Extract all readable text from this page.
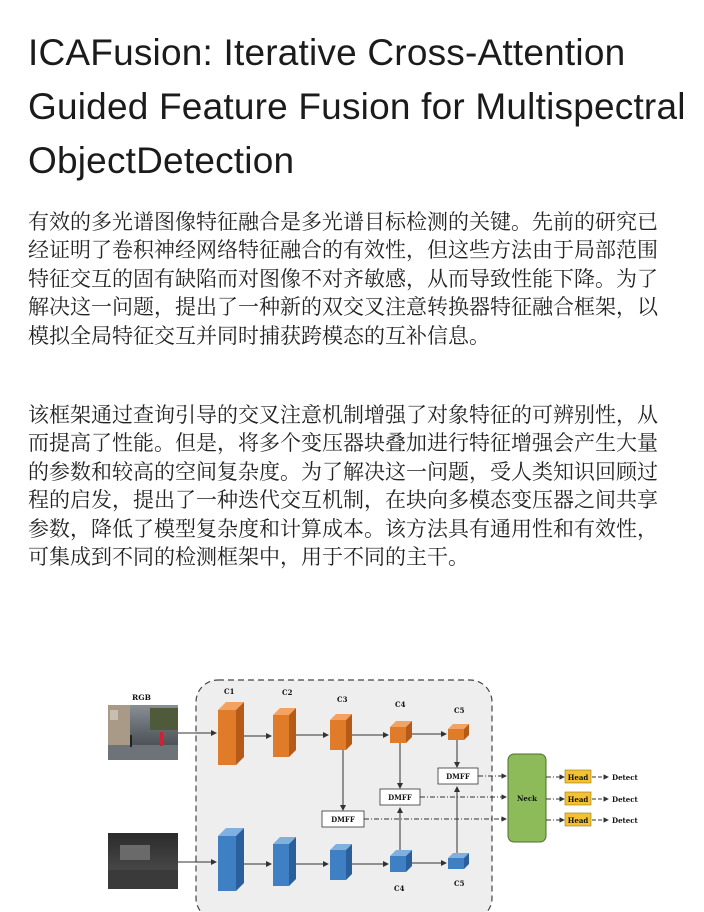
ICAFusion: Iterative Cross-Attention Guided Feature Fusion for Multispectral ObjectDetection

有效的多光谱图像特征融合是多光谱目标检测的关键。先前的研究已经证明了卷积神经网络特征融合的有效性，但这些方法由于局部范围特征交互的固有缺陷而对图像不对齐敏感，从而导致性能下降。为了解决这一问题，提出了一种新的双交叉注意转换器特征融合框架，以模拟全局特征交互并同时捕获跨模态的互补信息。

该框架通过查询引导的交叉注意机制增强了对象特征的可辨别性，从而提高了性能。但是，将多个变压器块叠加进行特征增强会产生大量的参数和较高的空间复杂度。为了解决这一问题，受人类知识回顾过程的启发，提出了一种迭代交互机制，在块向多模态变压器之间共享参数，降低了模型复杂度和计算成本。该方法具有通用性和有效性，可集成到不同的检测框架中，用于不同的主干。

RGB
C1	C2
C3
C4
C5
C4
C5
DMFF
DMFF
DMFF
Neck
Head
Head
Head
Detect
Detect
Detect
